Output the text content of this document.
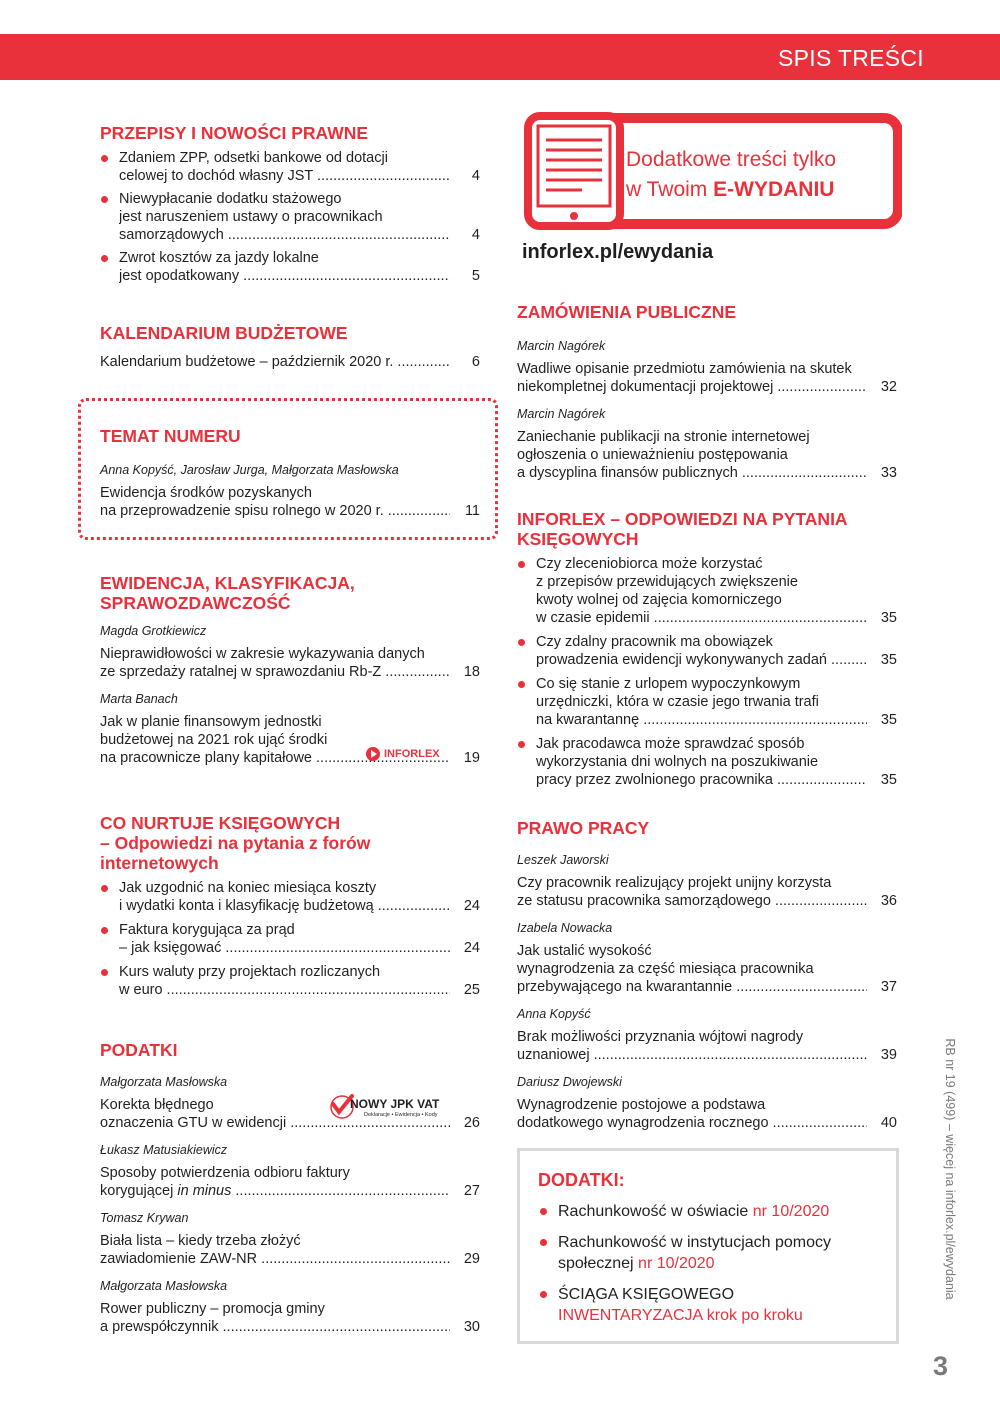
SPIS TREŚCI
PRZEPISY I NOWOŚCI PRAWNE
Zdaniem ZPP, odsetki bankowe od dotacji
celowej to dochód własny JST .....	4
Niewypłacanie dodatku stażowego
jest naruszeniem ustawy o pracownikach
samorządowych .....	4
Zwrot kosztów za jazdy lokalne
jest opodatkowany .....	5
KALENDARIUM BUDŻETOWE
Kalendarium budżetowe – październik 2020 r. .....	6
TEMAT NUMERU
Anna Kopyść, Jarosław Jurga, Małgorzata Masłowska
Ewidencja środków pozyskanych
na przeprowadzenie spisu rolnego w 2020 r. .....	11
EWIDENCJA, KLASYFIKACJA,
SPRAWOZDAWCZOŚĆ
Magda Grotkiewicz
Nieprawidłowości w zakresie wykazywania danych
ze sprzedaży ratalnej w sprawozdaniu Rb-Z .....	18
Marta Banach
Jak w planie finansowym jednostki
budżetowej na 2021 rok ująć środki
na pracownicze plany kapitałowe .....	19
CO NURTUJE KSIĘGOWYCH
– Odpowiedzi na pytania z forów
internetowych
Jak uzgodnić na koniec miesiąca koszty
i wydatki konta i klasyfikację budżetową .....	24
Faktura korygująca za prąd
– jak księgować .....	24
Kurs waluty przy projektach rozliczanych
w euro .....	25
PODATKI
Małgorzata Masłowska
Korekta błędnego
oznaczenia GTU w ewidencji .....	26
Łukasz Matusiakiewicz
Sposoby potwierdzenia odbioru faktury
korygującej in minus .....	27
Tomasz Krywan
Biała lista – kiedy trzeba złożyć
zawiadomienie ZAW-NR .....	29
Małgorzata Masłowska
Rower publiczny – promocja gminy
a prewspółczynnik .....	30
INFORLEX
NOWY JPK VAT
Deklaracje • Ewidencja • Kody
Dodatkowe treści tylko
w Twoim E-WYDANIU
inforlex.pl/ewydania
ZAMÓWIENIA PUBLICZNE
Marcin Nagórek
Wadliwe opisanie przedmiotu zamówienia na skutek
niekompletnej dokumentacji projektowej .....	32
Marcin Nagórek
Zaniechanie publikacji na stronie internetowej
ogłoszenia o unieważnieniu postępowania
a dyscyplina finansów publicznych .....	33
INFORLEX – ODPOWIEDZI NA PYTANIA
KSIĘGOWYCH
Czy zleceniobiorca może korzystać
z przepisów przewidujących zwiększenie
kwoty wolnej od zajęcia komorniczego
w czasie epidemii .....	35
Czy zdalny pracownik ma obowiązek
prowadzenia ewidencji wykonywanych zadań .....	35
Co się stanie z urlopem wypoczynkowym
urzędniczki, która w czasie jego trwania trafi
na kwarantannę .....	35
Jak pracodawca może sprawdzać sposób
wykorzystania dni wolnych na poszukiwanie
pracy przez zwolnionego pracownika .....	35
PRAWO PRACY
Leszek Jaworski
Czy pracownik realizujący projekt unijny korzysta
ze statusu pracownika samorządowego .....	36
Izabela Nowacka
Jak ustalić wysokość
wynagrodzenia za część miesiąca pracownika
przebywającego na kwarantannie .....	37
Anna Kopyść
Brak możliwości przyznania wójtowi nagrody
uznaniowej .....	39
Dariusz Dwojewski
Wynagrodzenie postojowe a podstawa
dodatkowego wynagrodzenia rocznego .....	40
DODATKI:
Rachunkowość w oświacie nr 10/2020
Rachunkowość w instytucjach pomocy
społecznej nr 10/2020
ŚCIĄGA KSIĘGOWEGO
INWENTARYZACJA krok po kroku
RB nr 19 (499) – więcej na inforlex.pl/ewydania
3
